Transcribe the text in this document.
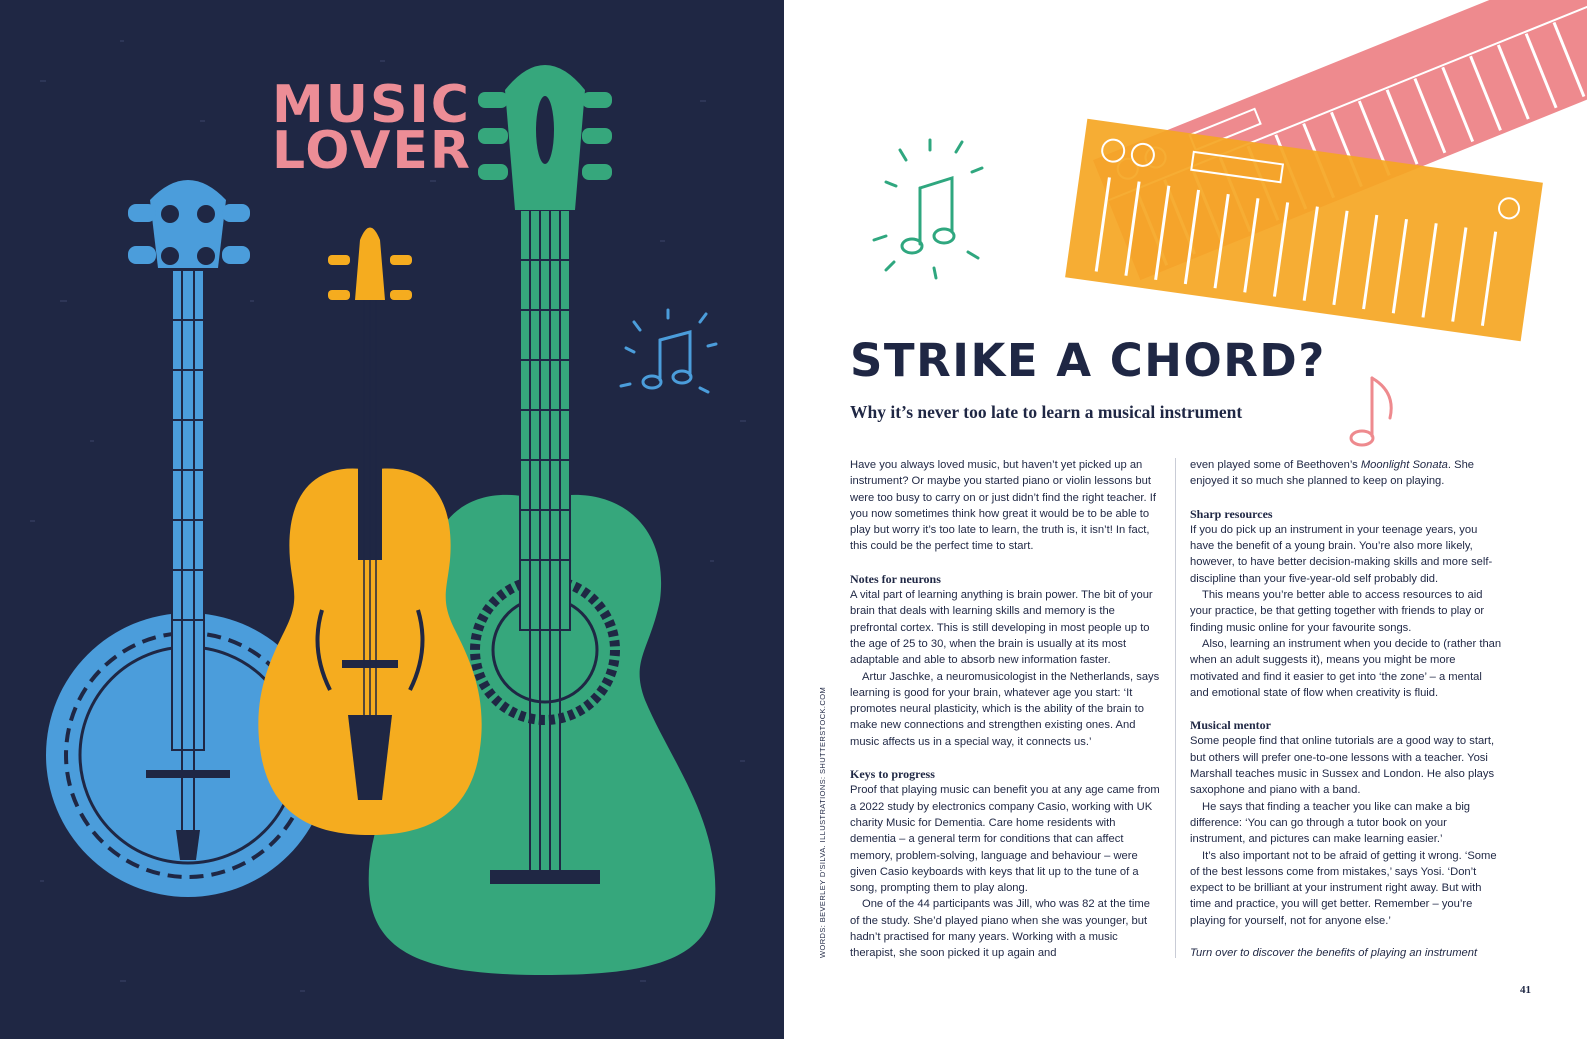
MUSIC
LOVER
STRIKE A CHORD?

Why it’s never too late to learn a musical instrument

WORDS: BEVERLEY D'SILVA. ILLUSTRATIONS: SHUTTERSTOCK.COM

Have you always loved music, but haven’t yet picked up an instrument? Or maybe you started piano or violin lessons but were too busy to carry on or just didn’t find the right teacher. If you now sometimes think how great it would be to be able to play but worry it’s too late to learn, the truth is, it isn’t! In fact, this could be the perfect time to start.

Notes for neurons

A vital part of learning anything is brain power. The bit of your brain that deals with learning skills and memory is the prefrontal cortex. This is still developing in most people up to the age of 25 to 30, when the brain is usually at its most adaptable and able to absorb new information faster.

Artur Jaschke, a neuromusicologist in the Netherlands, says learning is good for your brain, whatever age you start: ‘It promotes neural plasticity, which is the ability of the brain to make new connections and strengthen existing ones. And music affects us in a special way, it connects us.’

Keys to progress

Proof that playing music can benefit you at any age came from a 2022 study by electronics company Casio, working with UK charity Music for Dementia. Care home residents with dementia – a general term for conditions that can affect memory, problem-solving, language and behaviour – were given Casio keyboards with keys that lit up to the tune of a song, prompting them to play along.

One of the 44 participants was Jill, who was 82 at the time of the study. She’d played piano when she was younger, but hadn’t practised for many years. Working with a music therapist, she soon picked it up again and

even played some of Beethoven’s Moonlight Sonata. She enjoyed it so much she planned to keep on playing.

Sharp resources

If you do pick up an instrument in your teenage years, you have the benefit of a young brain. You’re also more likely, however, to have better decision-making skills and more self-discipline than your five-year-old self probably did.

This means you’re better able to access resources to aid your practice, be that getting together with friends to play or finding music online for your favourite songs.

Also, learning an instrument when you decide to (rather than when an adult suggests it), means you might be more motivated and find it easier to get into ‘the zone’ – a mental and emotional state of flow when creativity is fluid.

Musical mentor

Some people find that online tutorials are a good way to start, but others will prefer one-to-one lessons with a teacher. Yosi Marshall teaches music in Sussex and London. He also plays saxophone and piano with a band.

He says that finding a teacher you like can make a big difference: ‘You can go through a tutor book on your instrument, and pictures can make learning easier.’

It’s also important not to be afraid of getting it wrong. ‘Some of the best lessons come from mistakes,’ says Yosi. ‘Don’t expect to be brilliant at your instrument right away. But with time and practice, you will get better. Remember – you’re playing for yourself, not for anyone else.’

Turn over to discover the benefits of playing an instrument

41
